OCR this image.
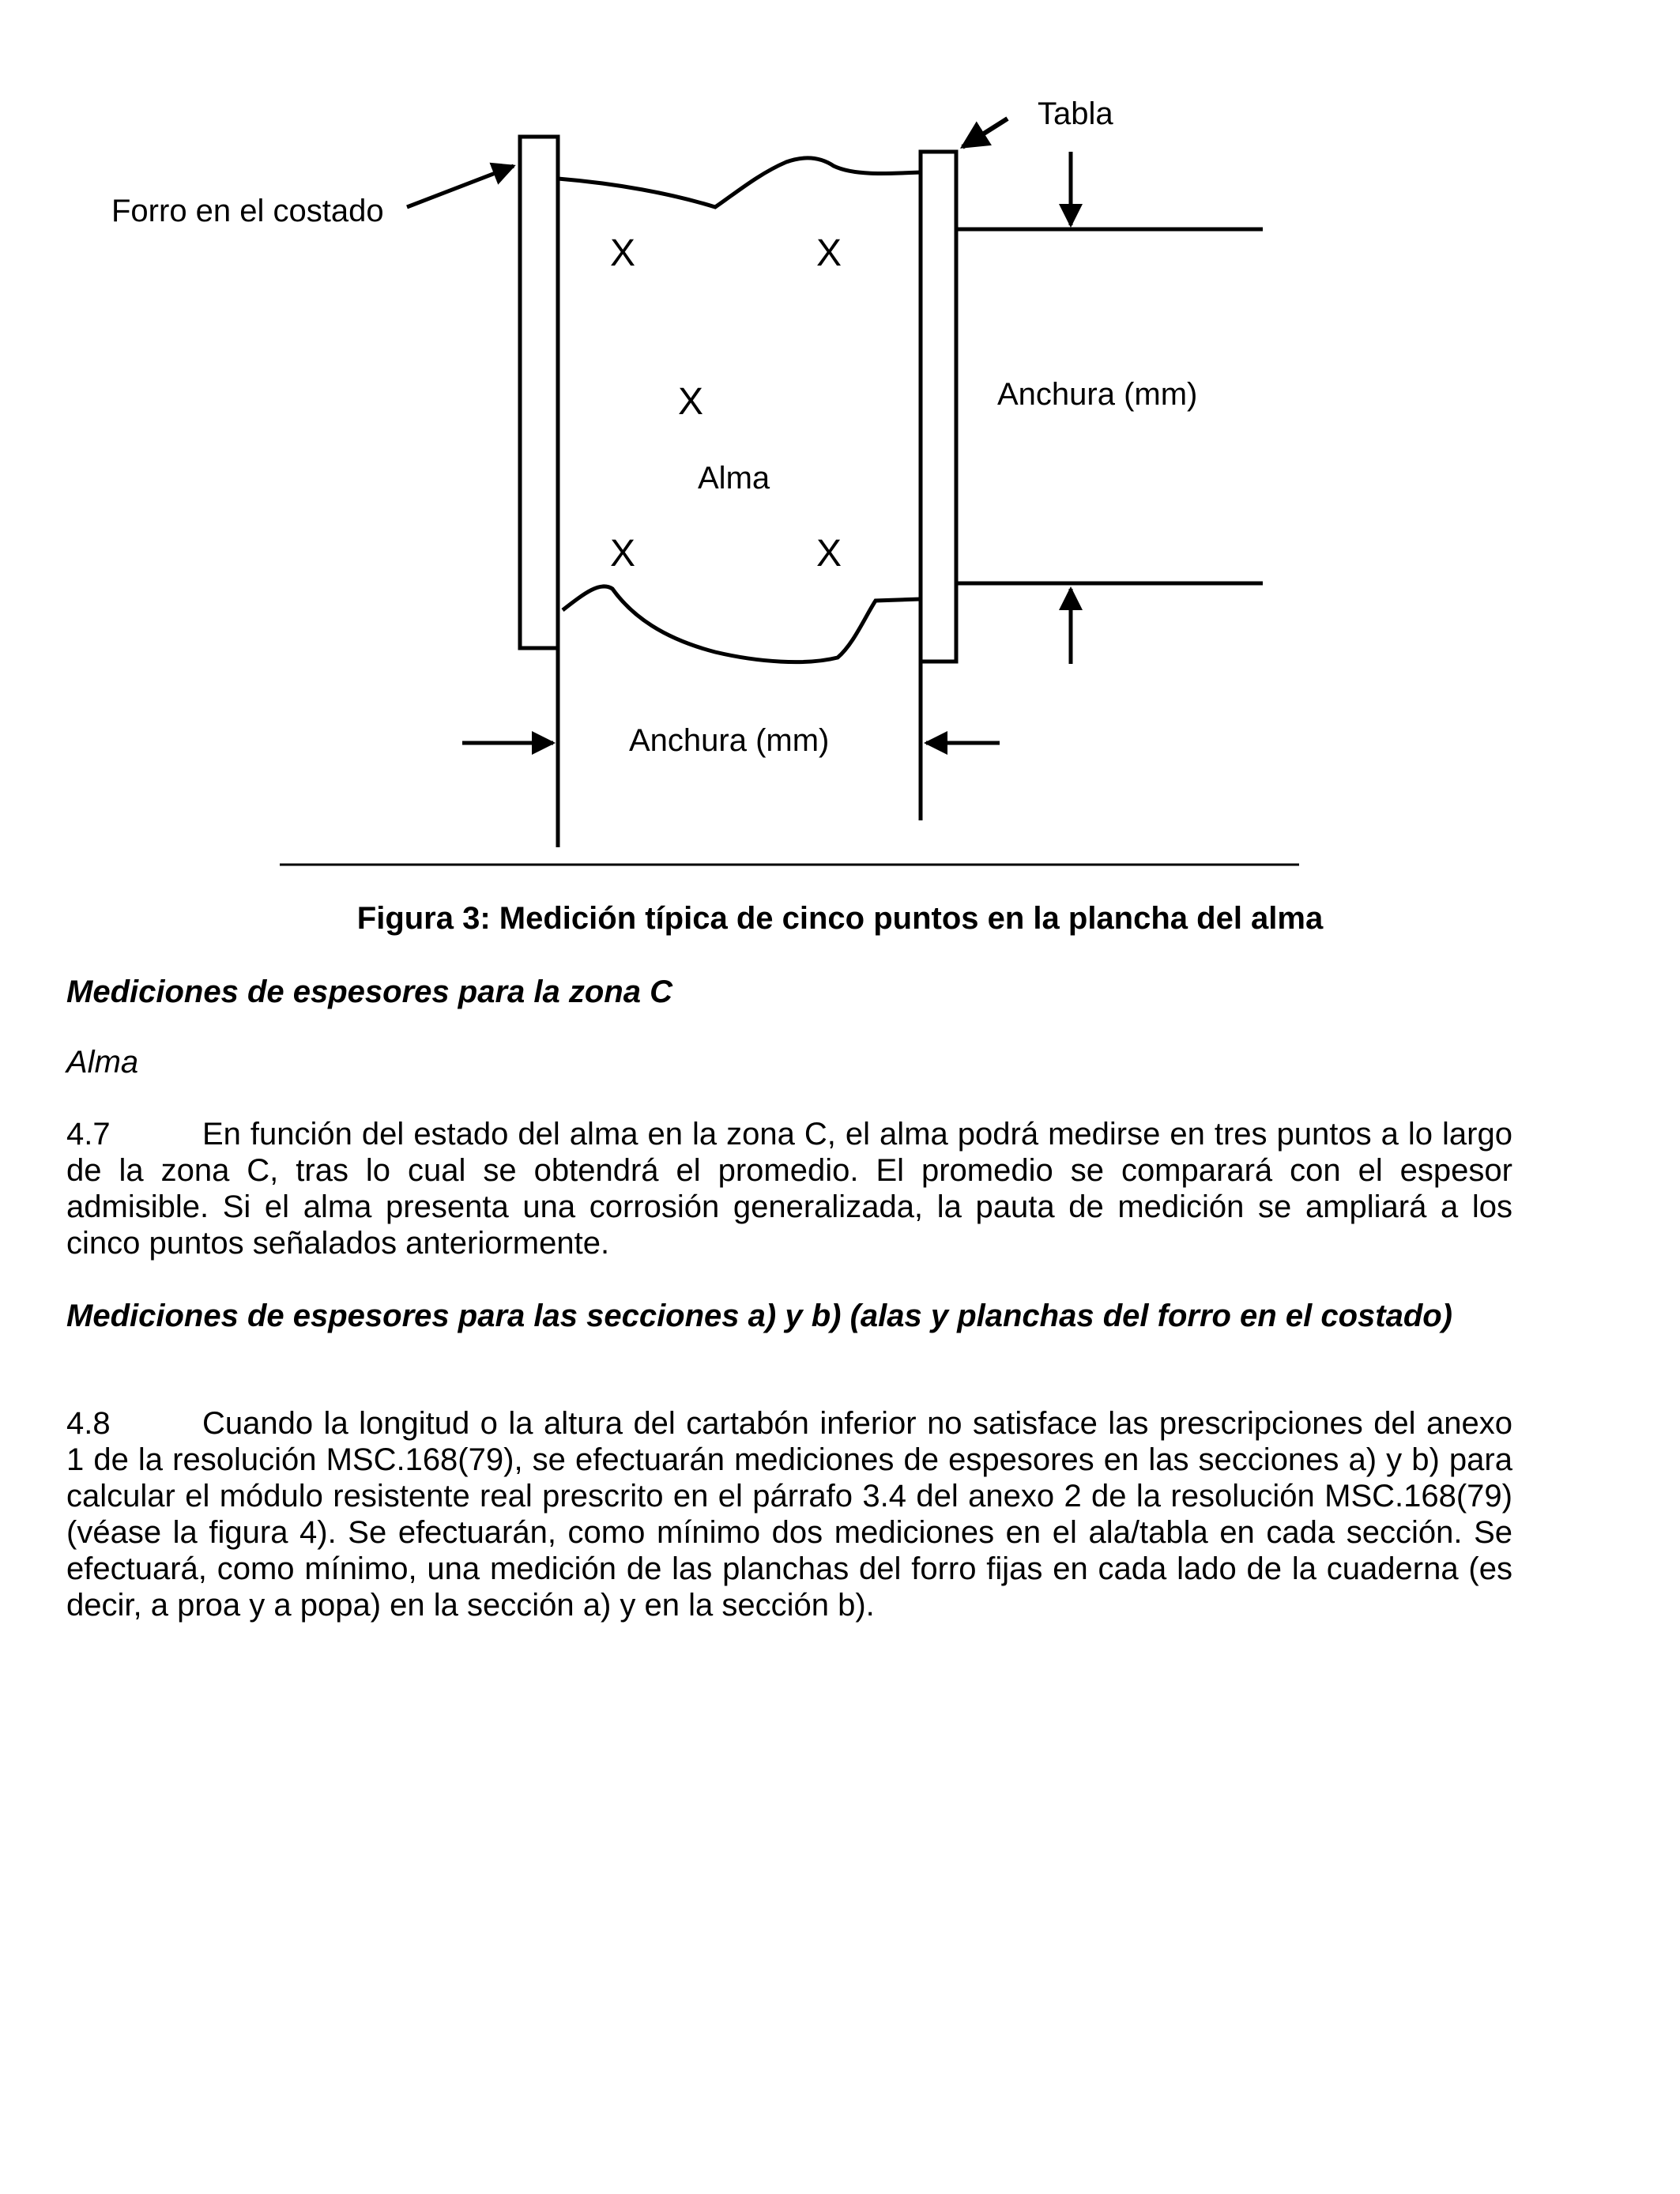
X	X
X
X	X
Tabla
Forro en el costado
Alma
Anchura (mm)
Anchura (mm)
Figura 3: Medición típica de cinco puntos en la plancha del alma
Mediciones de espesores para la zona C
Alma
4.7	En función del estado del alma en la zona C, el alma podrá medirse en tres puntos a lo largo de la zona C, tras lo cual se obtendrá el promedio. El promedio se comparará con el espesor admisible. Si el alma presenta una corrosión generalizada, la pauta de medición se ampliará a los cinco puntos señalados anteriormente.
Mediciones de espesores para las secciones a) y b) (alas y planchas del forro en el costado)
4.8	Cuando la longitud o la altura del cartabón inferior no satisface las prescripciones del anexo 1 de la resolución MSC.168(79), se efectuarán mediciones de espesores en las secciones a) y b) para calcular el módulo resistente real prescrito en el párrafo 3.4 del anexo 2 de la resolución MSC.168(79) (véase la figura 4). Se efectuarán, como mínimo dos mediciones en el ala/tabla en cada sección. Se efectuará, como mínimo, una medición de las planchas del forro fijas en cada lado de la cuaderna (es decir, a proa y a popa) en la sección a) y en la sección b).
